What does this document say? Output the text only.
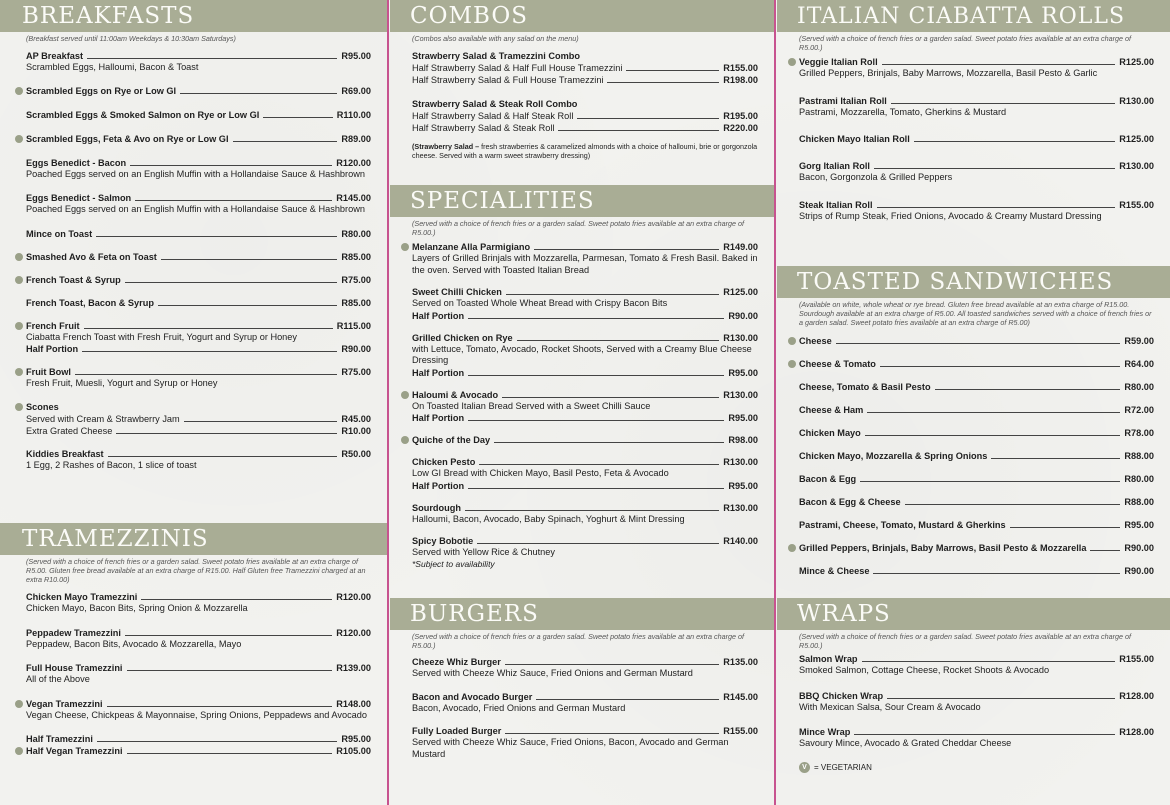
BREAKFASTS
(Breakfast served until 11:00am Weekdays & 10:30am Saturdays)
AP Breakfast	R95.00
Scrambled Eggs, Halloumi, Bacon & Toast
Scrambled Eggs on Rye or Low GI	R69.00
Scrambled Eggs & Smoked Salmon on Rye or Low GI	R110.00
Scrambled Eggs, Feta & Avo on Rye or Low GI	R89.00
Eggs Benedict - Bacon	R120.00
Poached Eggs served on an English Muffin with a Hollandaise Sauce & Hashbrown
Eggs Benedict - Salmon	R145.00
Poached Eggs served on an English Muffin with a Hollandaise Sauce & Hashbrown
Mince on Toast	R80.00
Smashed Avo & Feta on Toast	R85.00
French Toast & Syrup	R75.00
French Toast, Bacon & Syrup	R85.00
French Fruit	R115.00
Ciabatta French Toast with Fresh Fruit, Yogurt and Syrup or Honey
Half Portion	R90.00
Fruit Bowl	R75.00
Fresh Fruit, Muesli, Yogurt and Syrup or Honey
Scones
Served with Cream & Strawberry Jam	R45.00
Extra Grated Cheese	R10.00
Kiddies Breakfast	R50.00
1 Egg, 2 Rashes of Bacon, 1 slice of toast
TRAMEZZINIS
(Served with a choice of french fries or a garden salad. Sweet potato fries available at an extra charge of R5.00. Gluten free bread available at an extra charge of R15.00. Half Gluten free Tramezzini charged at an extra R10.00)
Chicken Mayo Tramezzini	R120.00
Chicken Mayo, Bacon Bits, Spring Onion & Mozzarella
Peppadew Tramezzini	R120.00
Peppadew, Bacon Bits, Avocado & Mozzarella, Mayo
Full House Tramezzini	R139.00
All of the Above
Vegan Tramezzini	R148.00
Vegan Cheese, Chickpeas & Mayonnaise, Spring Onions, Peppadews and Avocado
Half Tramezzini	R95.00
Half Vegan Tramezzini	R105.00
COMBOS
(Combos also available with any salad on the menu)
Strawberry Salad & Tramezzini Combo
Half Strawberry Salad & Half Full House Tramezzini	R155.00
Half Strawberry Salad & Full House Tramezzini	R198.00
Strawberry Salad & Steak Roll Combo
Half Strawberry Salad & Half Steak Roll	R195.00
Half Strawberry Salad & Steak Roll	R220.00
(Strawberry Salad – fresh strawberries & caramelized almonds with a choice of halloumi, brie or gorgonzola cheese. Served with a warm sweet strawberry dressing)
SPECIALITIES
(Served with a choice of french fries or a garden salad. Sweet potato fries available at an extra charge of R5.00.)
Melanzane Alla Parmigiano	R149.00
Layers of Grilled Brinjals with Mozzarella, Parmesan, Tomato & Fresh Basil. Baked in the oven. Served with Toasted Italian Bread
Sweet Chilli Chicken	R125.00
Served on Toasted Whole Wheat Bread with Crispy Bacon Bits
Half Portion	R90.00
Grilled Chicken on Rye	R130.00
with Lettuce, Tomato, Avocado, Rocket Shoots, Served with a Creamy Blue Cheese Dressing
Half Portion	R95.00
Haloumi & Avocado	R130.00
On Toasted Italian Bread Served with a Sweet Chilli Sauce
Half Portion	R95.00
Quiche of the Day	R98.00
Chicken Pesto	R130.00
Low GI Bread with Chicken Mayo, Basil Pesto, Feta & Avocado
Half Portion	R95.00
Sourdough	R130.00
Halloumi, Bacon, Avocado, Baby Spinach, Yoghurt & Mint Dressing
Spicy Bobotie	R140.00
Served with Yellow Rice & Chutney
*Subject to availability
BURGERS
(Served with a choice of french fries or a garden salad. Sweet potato fries available at an extra charge of R5.00.)
Cheeze Whiz Burger	R135.00
Served with Cheeze Whiz Sauce, Fried Onions and German Mustard
Bacon and Avocado Burger	R145.00
Bacon, Avocado, Fried Onions and German Mustard
Fully Loaded Burger	R155.00
Served with Cheeze Whiz Sauce, Fried Onions, Bacon, Avocado and German Mustard
ITALIAN CIABATTA ROLLS
(Served with a choice of french fries or a garden salad. Sweet potato fries available at an extra charge of R5.00.)
Veggie Italian Roll	R125.00
Grilled Peppers, Brinjals, Baby Marrows, Mozzarella, Basil Pesto & Garlic
Pastrami Italian Roll	R130.00
Pastrami, Mozzarella, Tomato, Gherkins & Mustard
Chicken Mayo Italian Roll	R125.00
Gorg Italian Roll	R130.00
Bacon, Gorgonzola & Grilled Peppers
Steak Italian Roll	R155.00
Strips of Rump Steak, Fried Onions, Avocado & Creamy Mustard Dressing
TOASTED SANDWICHES
(Available on white, whole wheat or rye bread. Gluten free bread available at an extra charge of R15.00. Sourdough available at an extra charge of R5.00. All toasted sandwiches served with a choice of french fries or a garden salad. Sweet potato fries available at an extra charge of R5.00)
Cheese	R59.00
Cheese & Tomato	R64.00
Cheese, Tomato & Basil Pesto	R80.00
Cheese & Ham	R72.00
Chicken Mayo	R78.00
Chicken Mayo, Mozzarella & Spring Onions	R88.00
Bacon & Egg	R80.00
Bacon & Egg & Cheese	R88.00
Pastrami, Cheese, Tomato, Mustard & Gherkins	R95.00
Grilled Peppers, Brinjals, Baby Marrows, Basil Pesto & Mozzarella	R90.00
Mince & Cheese	R90.00
WRAPS
(Served with a choice of french fries or a garden salad. Sweet potato fries available at an extra charge of R5.00.)
Salmon Wrap	R155.00
Smoked Salmon, Cottage Cheese, Rocket Shoots & Avocado
BBQ Chicken Wrap	R128.00
With Mexican Salsa, Sour Cream & Avocado
Mince Wrap	R128.00
Savoury Mince, Avocado & Grated Cheddar Cheese
V = VEGETARIAN
